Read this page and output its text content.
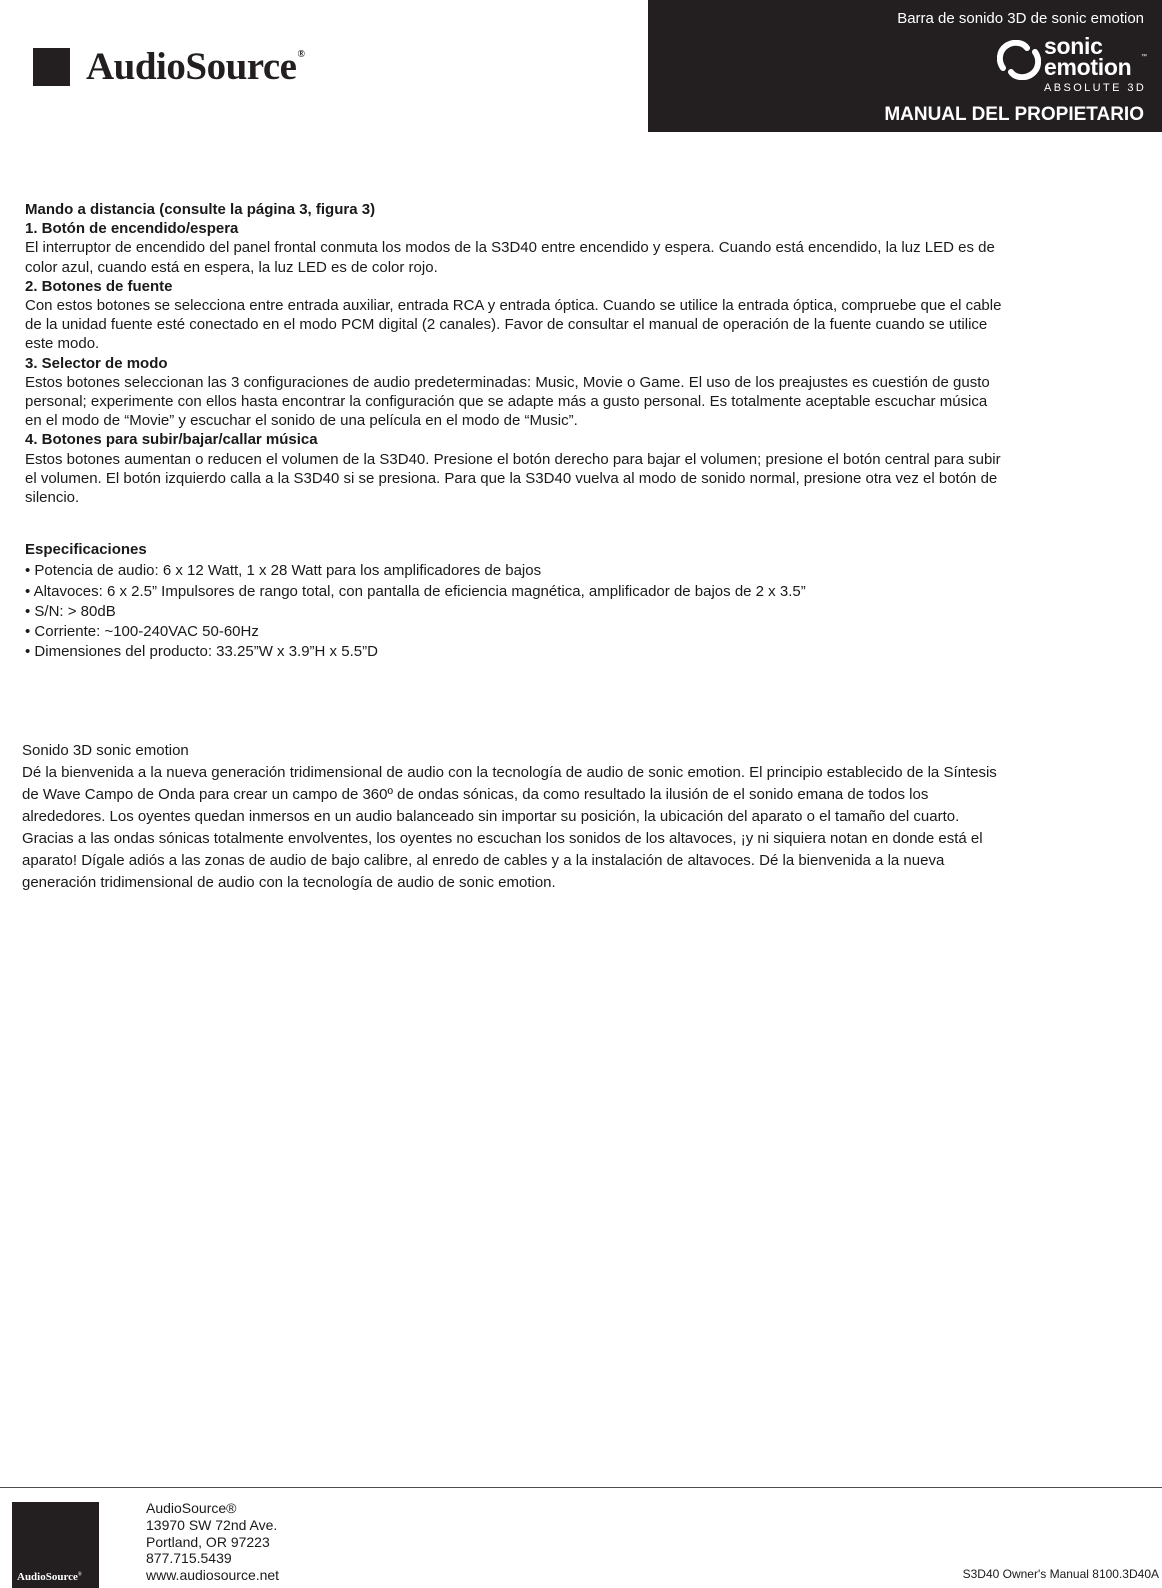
AudioSource®
Barra de sonido 3D de sonic emotion
sonic
emotion ™
ABSOLUTE 3D
MANUAL DEL PROPIETARIO

Mando a distancia (consulte la página 3, figura 3)

1. Botón de encendido/espera

El interruptor de encendido del panel frontal conmuta los modos de la S3D40 entre encendido y espera. Cuando está encendido, la luz LED es de color azul, cuando está en espera, la luz LED es de color rojo.

2. Botones de fuente

Con estos botones se selecciona entre entrada auxiliar, entrada RCA y entrada óptica. Cuando se utilice la entrada óptica, compruebe que el cable de la unidad fuente esté conectado en el modo PCM digital (2 canales). Favor de consultar el manual de operación de la fuente cuando se utilice este modo.

3. Selector de modo

Estos botones seleccionan las 3 configuraciones de audio predeterminadas: Music, Movie o Game. El uso de los preajustes es cuestión de gusto personal; experimente con ellos hasta encontrar la configuración que se adapte más a gusto personal. Es totalmente aceptable escuchar música en el modo de “Movie” y escuchar el sonido de una película en el modo de “Music”.

4. Botones para subir/bajar/callar música

Estos botones aumentan o reducen el volumen de la S3D40. Presione el botón derecho para bajar el volumen; presione el botón central para subir el volumen. El botón izquierdo calla a la S3D40 si se presiona. Para que la S3D40 vuelva al modo de sonido normal, presione otra vez el botón de silencio.

Especificaciones
• Potencia de audio: 6 x 12 Watt, 1 x 28 Watt para los amplificadores de bajos
• Altavoces: 6 x 2.5” Impulsores de rango total, con pantalla de eficiencia magnética, amplificador de bajos de 2 x 3.5”
• S/N: > 80dB
• Corriente: ~100-240VAC 50-60Hz
• Dimensiones del producto: 33.25”W x 3.9”H x 5.5”D

Sonido 3D sonic emotion

Dé la bienvenida a la nueva generación tridimensional de audio con la tecnología de audio de sonic emotion. El principio establecido de la Síntesis de Wave Campo de Onda para crear un campo de 360º de ondas sónicas, da como resultado la ilusión de el sonido emana de todos los alrededores. Los oyentes quedan inmersos en un audio balanceado sin importar su posición, la ubicación del aparato o el tamaño del cuarto. Gracias a las ondas sónicas totalmente envolventes, los oyentes no escuchan los sonidos de los altavoces, ¡y ni siquiera notan en donde está el aparato! Dígale adiós a las zonas de audio de bajo calibre, al enredo de cables y a la instalación de altavoces. Dé la bienvenida a la nueva generación tridimensional de audio con la tecnología de audio de sonic emotion.

AudioSource®
AudioSource®
13970 SW 72nd Ave.
Portland, OR 97223
877.715.5439
www.audiosource.net	S3D40 Owner's Manual 8100.3D40A
